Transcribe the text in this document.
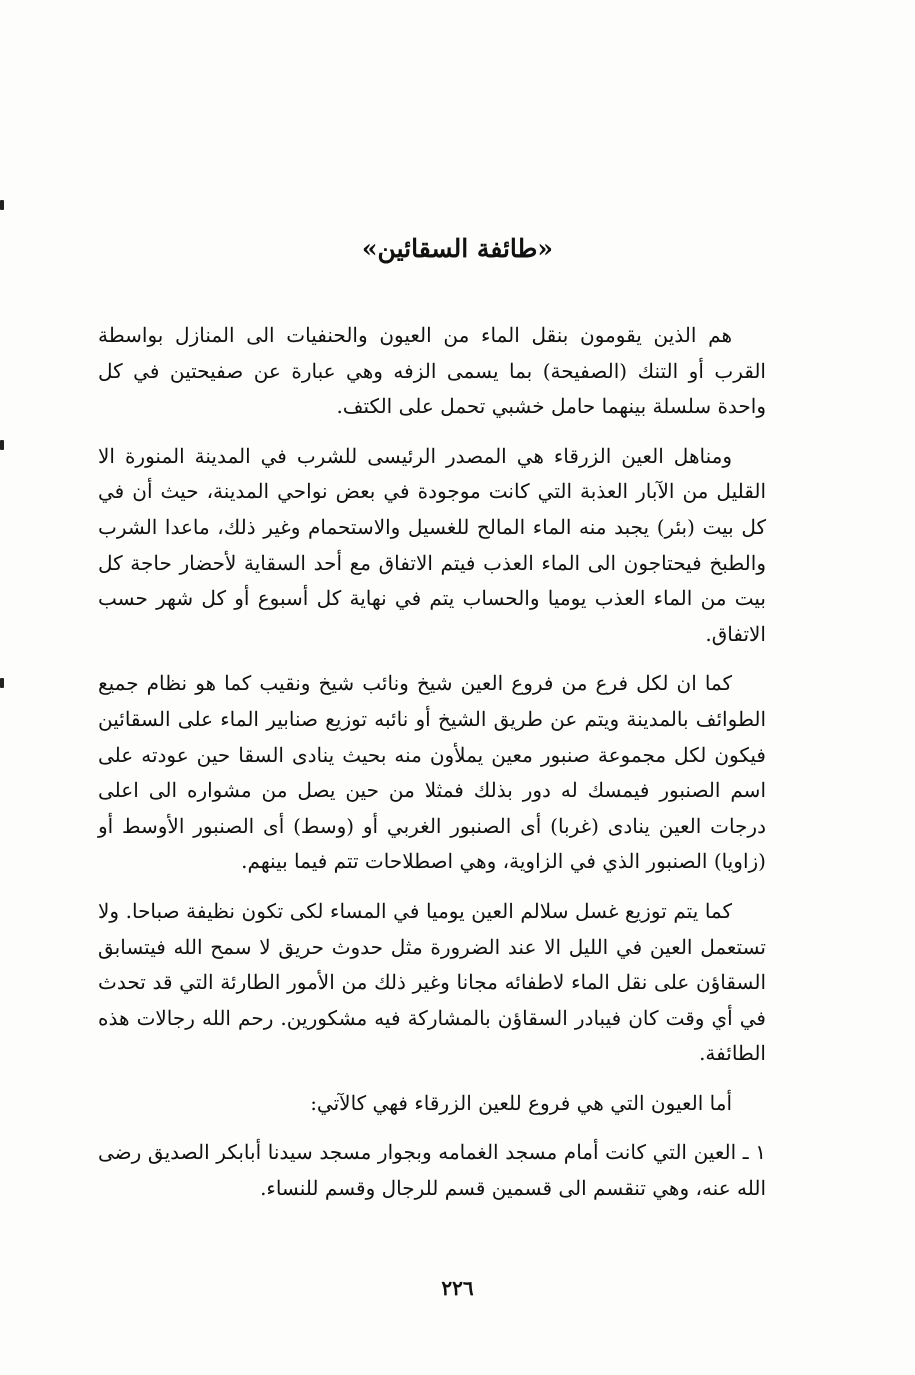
«طائفة السقائين»

هم الذين يقومون بنقل الماء من العيون والحنفيات الى المنازل بواسطة القرب أو التنك (الصفيحة) بما يسمى الزفه وهي عبارة عن صفيحتين في كل واحدة سلسلة بينهما حامل خشبي تحمل على الكتف.

ومناهل العين الزرقاء هي المصدر الرئيسى للشرب في المدينة المنورة الا القليل من الآبار العذبة التي كانت موجودة في بعض نواحي المدينة، حيث أن في كل بيت (بئر) يجبد منه الماء المالح للغسيل والاستحمام وغير ذلك، ماعدا الشرب والطبخ فيحتاجون الى الماء العذب فيتم الاتفاق مع أحد السقاية لأحضار حاجة كل بيت من الماء العذب يوميا والحساب يتم في نهاية كل أسبوع أو كل شهر حسب الاتفاق.

كما ان لكل فرع من فروع العين شيخ ونائب شيخ ونقيب كما هو نظام جميع الطوائف بالمدينة ويتم عن طريق الشيخ أو نائبه توزيع صنابير الماء على السقائين فيكون لكل مجموعة صنبور معين يملأون منه بحيث ينادى السقا حين عودته على اسم الصنبور فيمسك له دور بذلك فمثلا من حين يصل من مشواره الى اعلى درجات العين ينادى (غربا) أى الصنبور الغربي أو (وسط) أى الصنبور الأوسط أو (زاويا) الصنبور الذي في الزاوية، وهي اصطلاحات تتم فيما بينهم.

كما يتم توزيع غسل سلالم العين يوميا في المساء لكى تكون نظيفة صباحا. ولا تستعمل العين في الليل الا عند الضرورة مثل حدوث حريق لا سمح الله فيتسابق السقاؤن على نقل الماء لاطفائه مجانا وغير ذلك من الأمور الطارئة التي قد تحدث في أي وقت كان فيبادر السقاؤن بالمشاركة فيه مشكورين. رحم الله رجالات هذه الطائفة.

أما العيون التي هي فروع للعين الزرقاء فهي كالآتي:

١ ـ العين التي كانت أمام مسجد الغمامه وبجوار مسجد سيدنا أبابكر الصديق رضى الله عنه، وهي تنقسم الى قسمين قسم للرجال وقسم للنساء.

٢٢٦
